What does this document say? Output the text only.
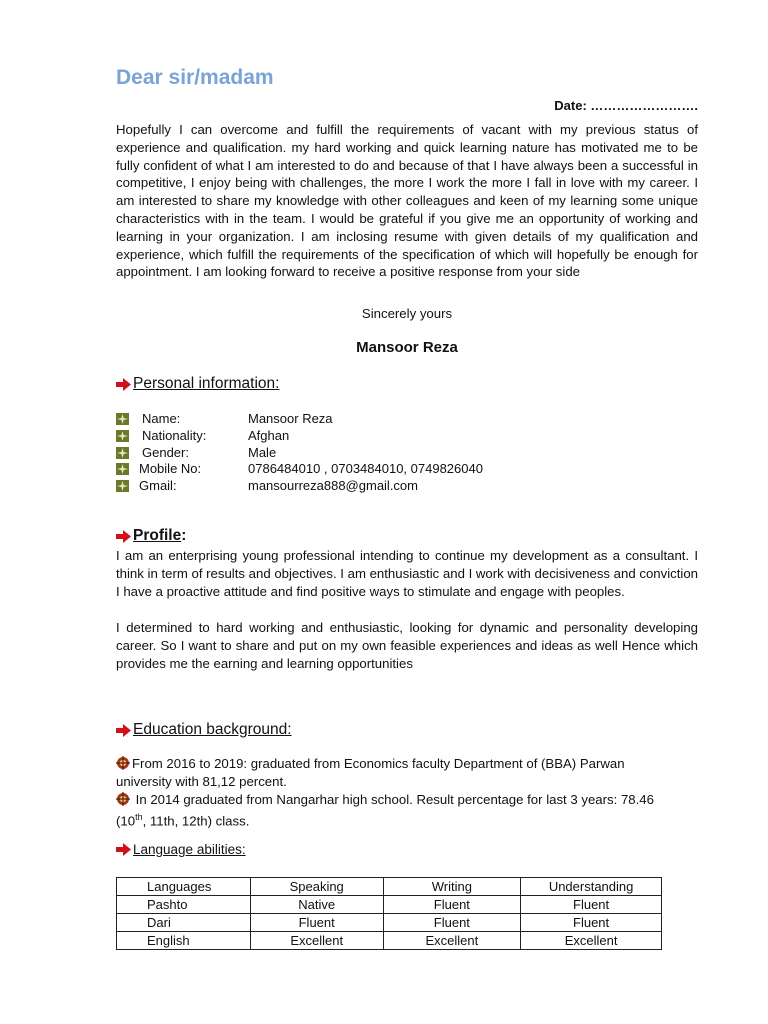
Dear sir/madam
Date: …………………….
Hopefully I can overcome and fulfill the requirements of vacant with my previous status of experience and qualification. my hard working and quick learning nature has motivated me to be fully confident of what I am interested to do and because of that I have always been a successful in competitive, I enjoy being with challenges, the more I work the more I fall in love with my career. I am interested to share my knowledge with other colleagues and keen of my learning some unique characteristics with in the team. I would be grateful if you give me an opportunity of working and learning in your organization. I am inclosing resume with given details of my qualification and experience, which fulfill the requirements of the specification of which will hopefully be enough for appointment. I am looking forward to receive a positive response from your side
Sincerely yours
Mansoor Reza
Personal information:
Name:	Mansoor Reza
Nationality:	Afghan
Gender:	Male
Mobile No:	0786484010 , 0703484010, 0749826040
Gmail:	mansourreza888@gmail.com
Profile :
I am an enterprising young professional intending to continue my development as a consultant. I think in term of results and objectives. I am enthusiastic and I work with decisiveness and conviction I have a proactive attitude and find positive ways to stimulate and engage with peoples.
I determined to hard working and enthusiastic, looking for dynamic and personality developing career. So I want to share and put on my own feasible experiences and ideas as well Hence which provides me the earning and learning opportunities
Education background:
From 2016 to 2019: graduated from Economics faculty Department of (BBA) Parwan university with 81,12 percent.
In 2014 graduated from Nangarhar high school. Result percentage for last 3 years: 78.46 (10th, 11th, 12th) class.
Language abilities:
Languages	Speaking	Writing	Understanding
Pashto	Native	Fluent	Fluent
Dari	Fluent	Fluent	Fluent
English	Excellent	Excellent	Excellent
